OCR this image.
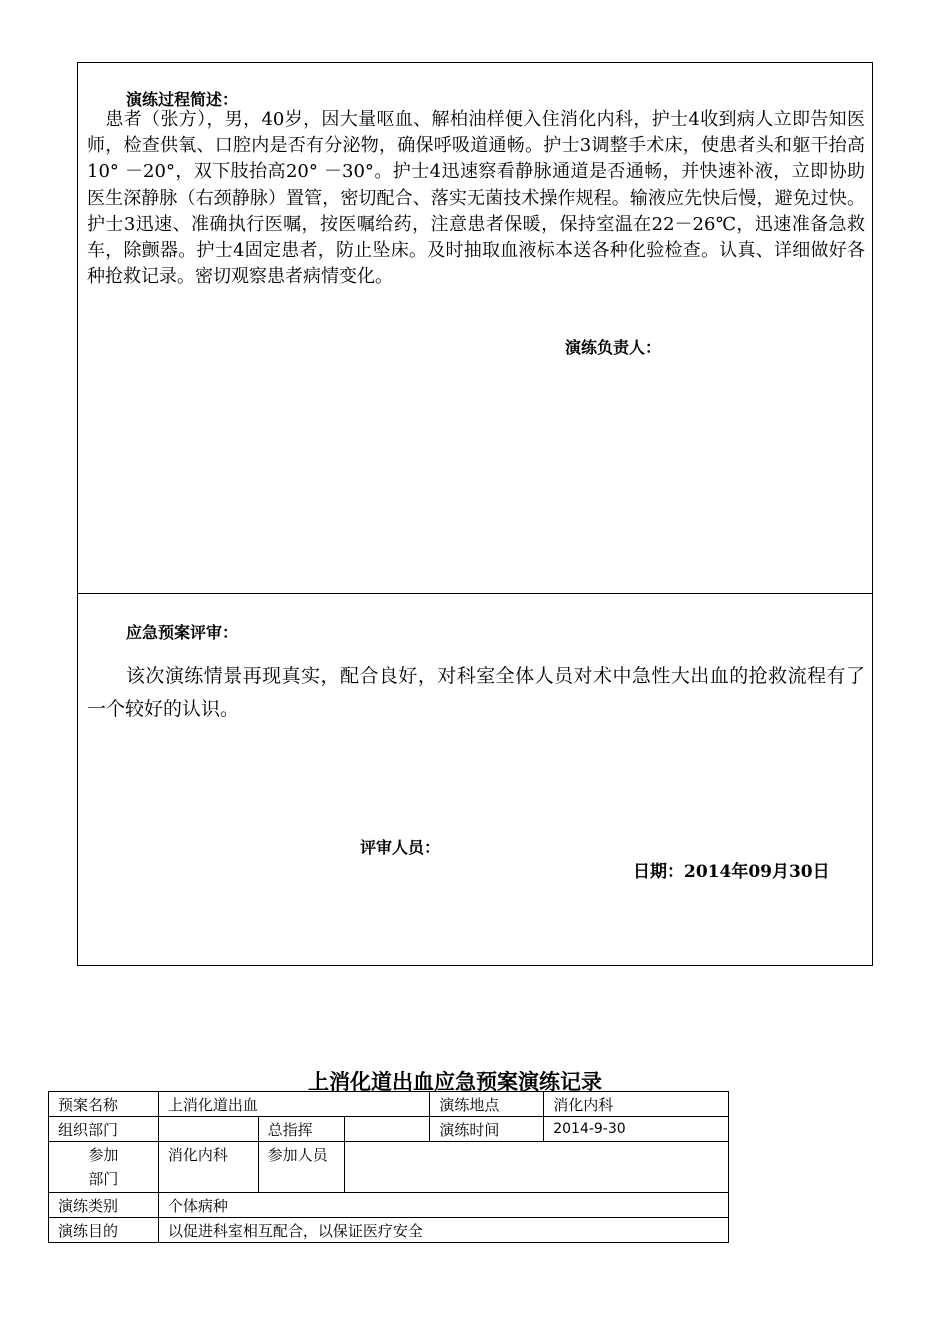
演练过程简述：
　患者（张方），男，40岁，因大量呕血、解柏油样便入住消化内科，护士4收到病人立即告知医师，检查供氧、口腔内是否有分泌物，确保呼吸道通畅。护士3调整手术床，使患者头和躯干抬高10° －20°，双下肢抬高20° －30°。护士4迅速察看静脉通道是否通畅，并快速补液，立即协助医生深静脉（右颈静脉）置管，密切配合、落实无菌技术操作规程。输液应先快后慢，避免过快。护士3迅速、准确执行医嘱，按医嘱给药，注意患者保暖，保持室温在22－26℃，迅速准备急救车，除颤器。护士4固定患者，防止坠床。及时抽取血液标本送各种化验检查。认真、详细做好各种抢救记录。密切观察患者病情变化。
演练负责人：
应急预案评审：
　　该次演练情景再现真实，配合良好，对科室全体人员对术中急性大出血的抢救流程有了一个较好的认识。
评审人员：
日期：2014年09月30日
上消化道出血应急预案演练记录
预案名称	上消化道出血			演练地点	消化内科
组织部门		总指挥		演练时间	2014-9-30

参加
部门	消化内科	参加人员			
演练类别	个体病种				
演练目的	以促进科室相互配合，以保证医疗安全				
